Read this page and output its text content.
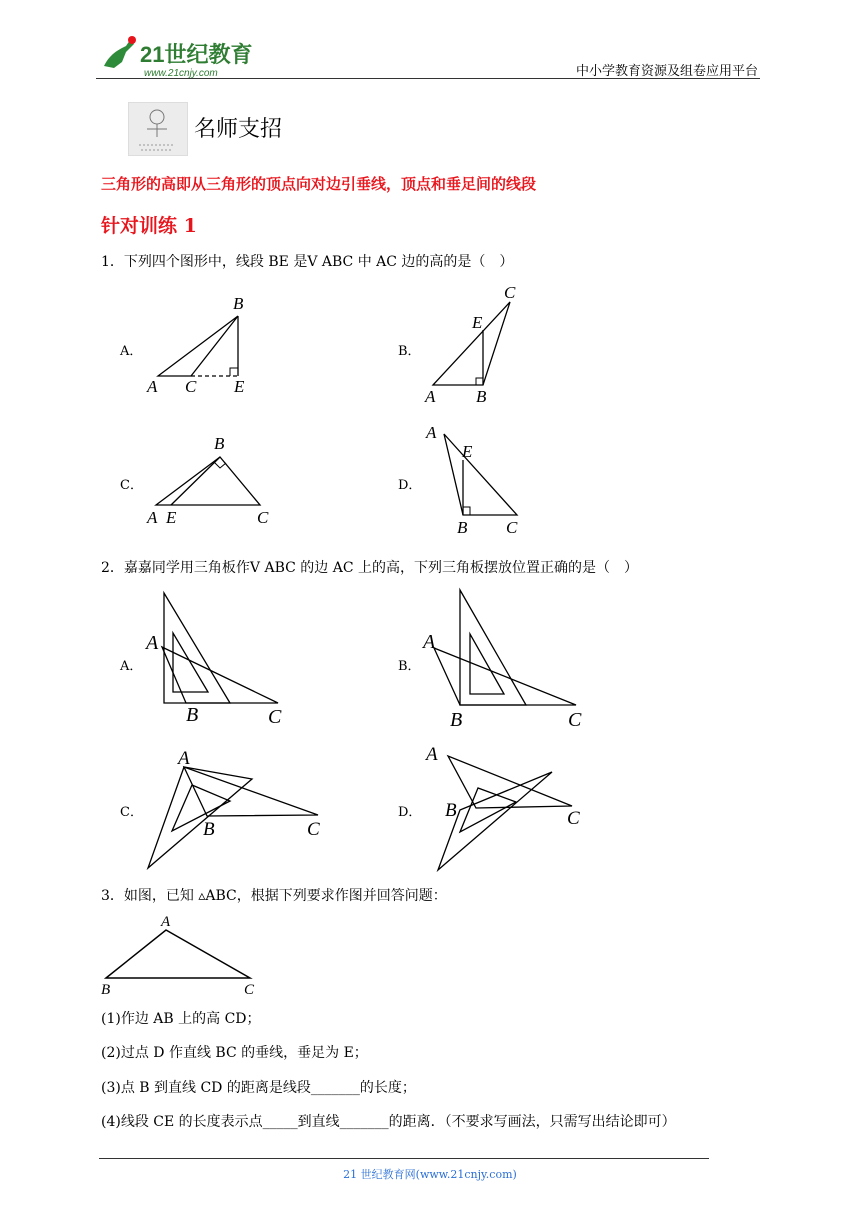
21世纪教育
www.21cnjy.com	中小学教育资源及组卷应用平台
名师支招
三角形的高即从三角形的顶点向对边引垂线，顶点和垂足间的线段
针对训练 1
1．下列四个图形中，线段 BE 是V ABC 中 AC 边的高的是（　）
A．
B
A C E
B．
C
E
A B
C．
B
A E	C
D．
A
E
B C
2．嘉嘉同学用三角板作V ABC 的边 AC 上的高，下列三角板摆放位置正确的是（　）
A．
A
B	C
B．
A
B	C
C．
A
B	C
D．
A
B	C
3．如图，已知 ▵ABC，根据下列要求作图并回答问题：
A
B	C
(1)作边 AB 上的高 CD；
(2)过点 D 作直线 BC 的垂线，垂足为 E；
(3)点 B 到直线 CD 的距离是线段_______的长度；
(4)线段 CE 的长度表示点_____到直线_______的距离．（不要求写画法，只需写出结论即可）
21 世纪教育网(www.21cnjy.com)
